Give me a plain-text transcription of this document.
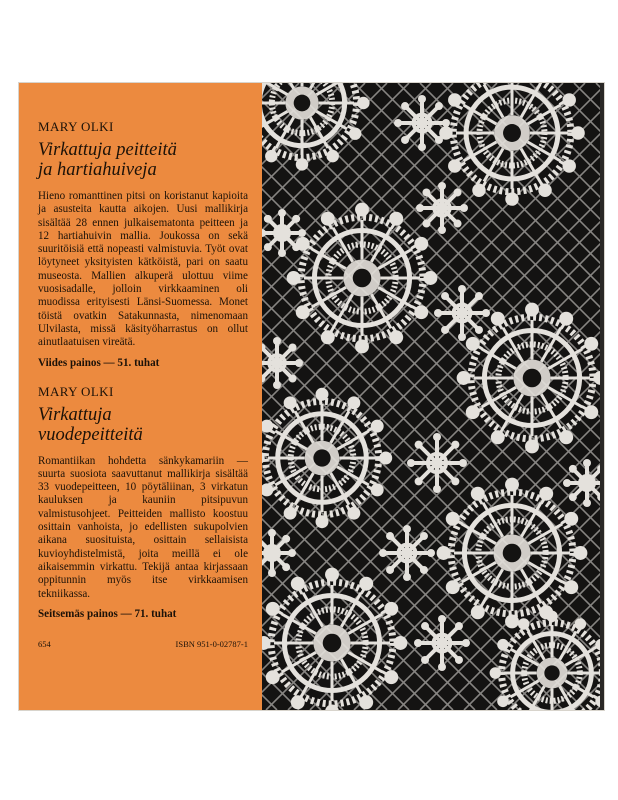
MARY OLKI

Virkattuja peitteitä
ja hartiahuiveja

Hieno romanttinen pitsi on koristanut kapioita ja asusteita kautta aikojen. Uusi mallikirja sisältää 28 ennen julkaisematonta peitteen ja 12 hartiahuivin mallia. Joukossa on sekä suuritöisiä että nopeasti valmistuvia. Työt ovat löytyneet yksityisten kätköistä, pari on saatu museosta. Mallien alkuperä ulottuu viime vuosisadalle, jolloin virkkaaminen oli muodissa erityisesti Länsi-Suomessa. Monet töistä ovatkin Satakunnasta, nimenomaan Ulvilasta, missä käsityöharrastus on ollut ainutlaatuisen vireätä.

Viides painos — 51. tuhat

MARY OLKI

Virkattuja
vuodepeitteitä

Romantiikan hohdetta sänkykamariin — suurta suosiota saavuttanut mallikirja sisältää 33 vuodepeitteen, 10 pöytäliinan, 3 virkatun kauluksen ja kauniin pitsipuvun valmistusohjeet. Peitteiden mallisto koostuu osittain vanhoista, jo edellisten sukupolvien aikana suosituista, osittain sellaisista kuvioyhdistelmistä, joita meillä ei ole aikaisemmin virkattu. Tekijä antaa kirjassaan oppitunnin myös itse virkkaamisen tekniikassa.

Seitsemäs painos — 71. tuhat

654	ISBN 951-0-02787-1
